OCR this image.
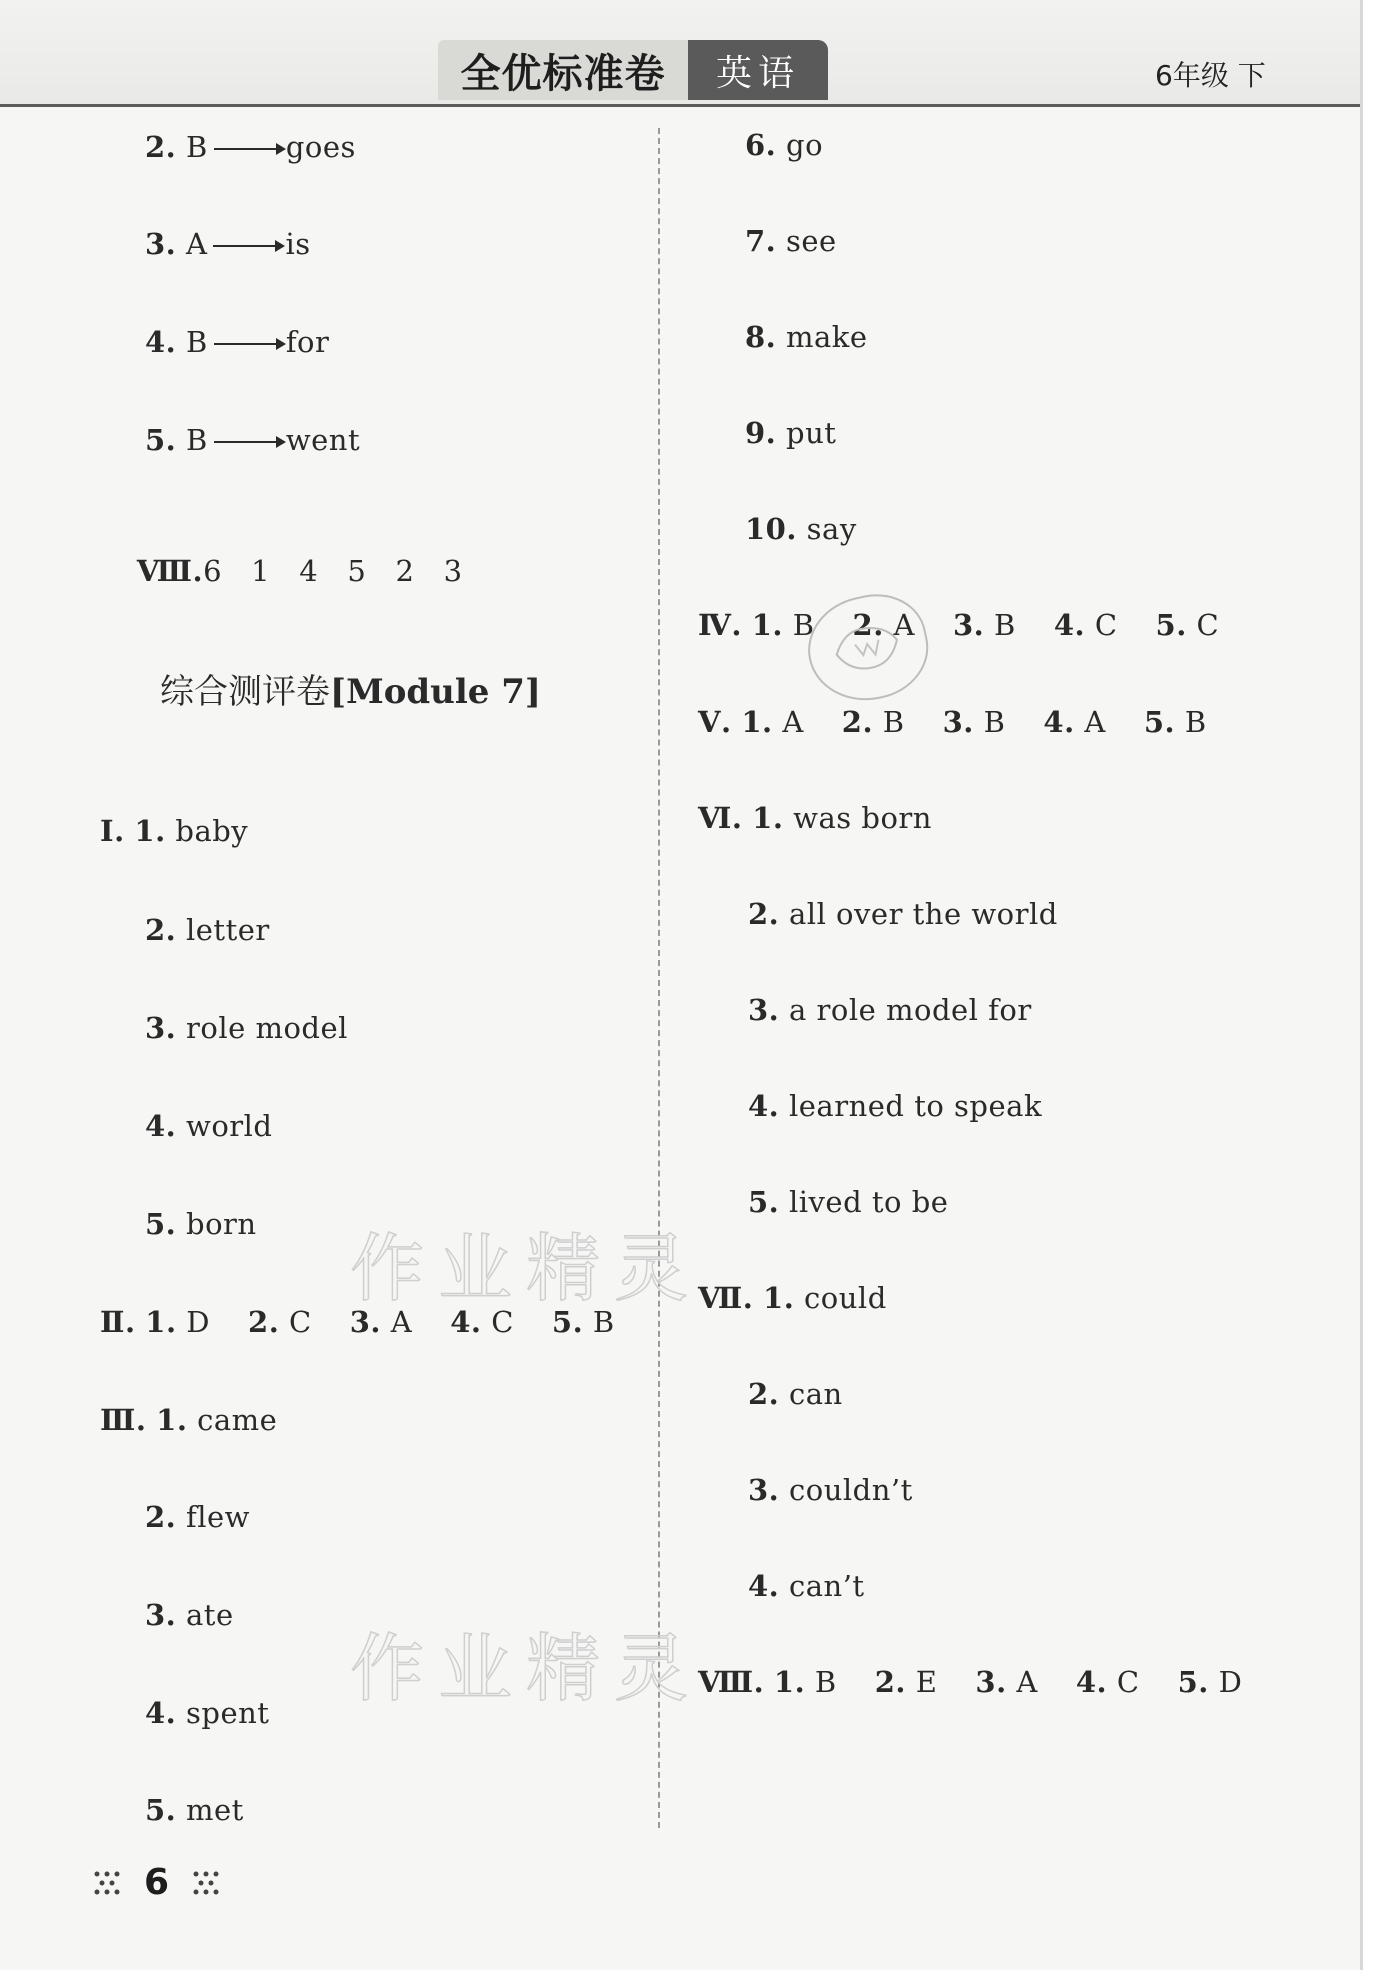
全优标准卷 英语	6年级 下
2. B	goes
3. A	is
4. B	for
5. B	went

Ⅷ.6   1   4   5   2   3

综合测评卷[Module 7]
Ⅰ. 1. baby
2. letter
3. role model
4. world
5. born
Ⅱ. 1. D 2. C 3. A 4. C 5. B
Ⅲ. 1. came
2. flew
3. ate
4. spent
5. met
6. go
7. see
8. make
9. put
10. say
Ⅳ. 1. B 2. A 3. B 4. C 5. C
Ⅴ. 1. A 2. B 3. B 4. A 5. B
Ⅵ. 1. was born
2. all over the world
3. a role model for
4. learned to speak
5. lived to be
Ⅶ. 1. could
2. can
3. couldn’t
4. can’t
Ⅷ. 1. B 2. E 3. A 4. C 5. D
作业精灵
作业精灵
6
